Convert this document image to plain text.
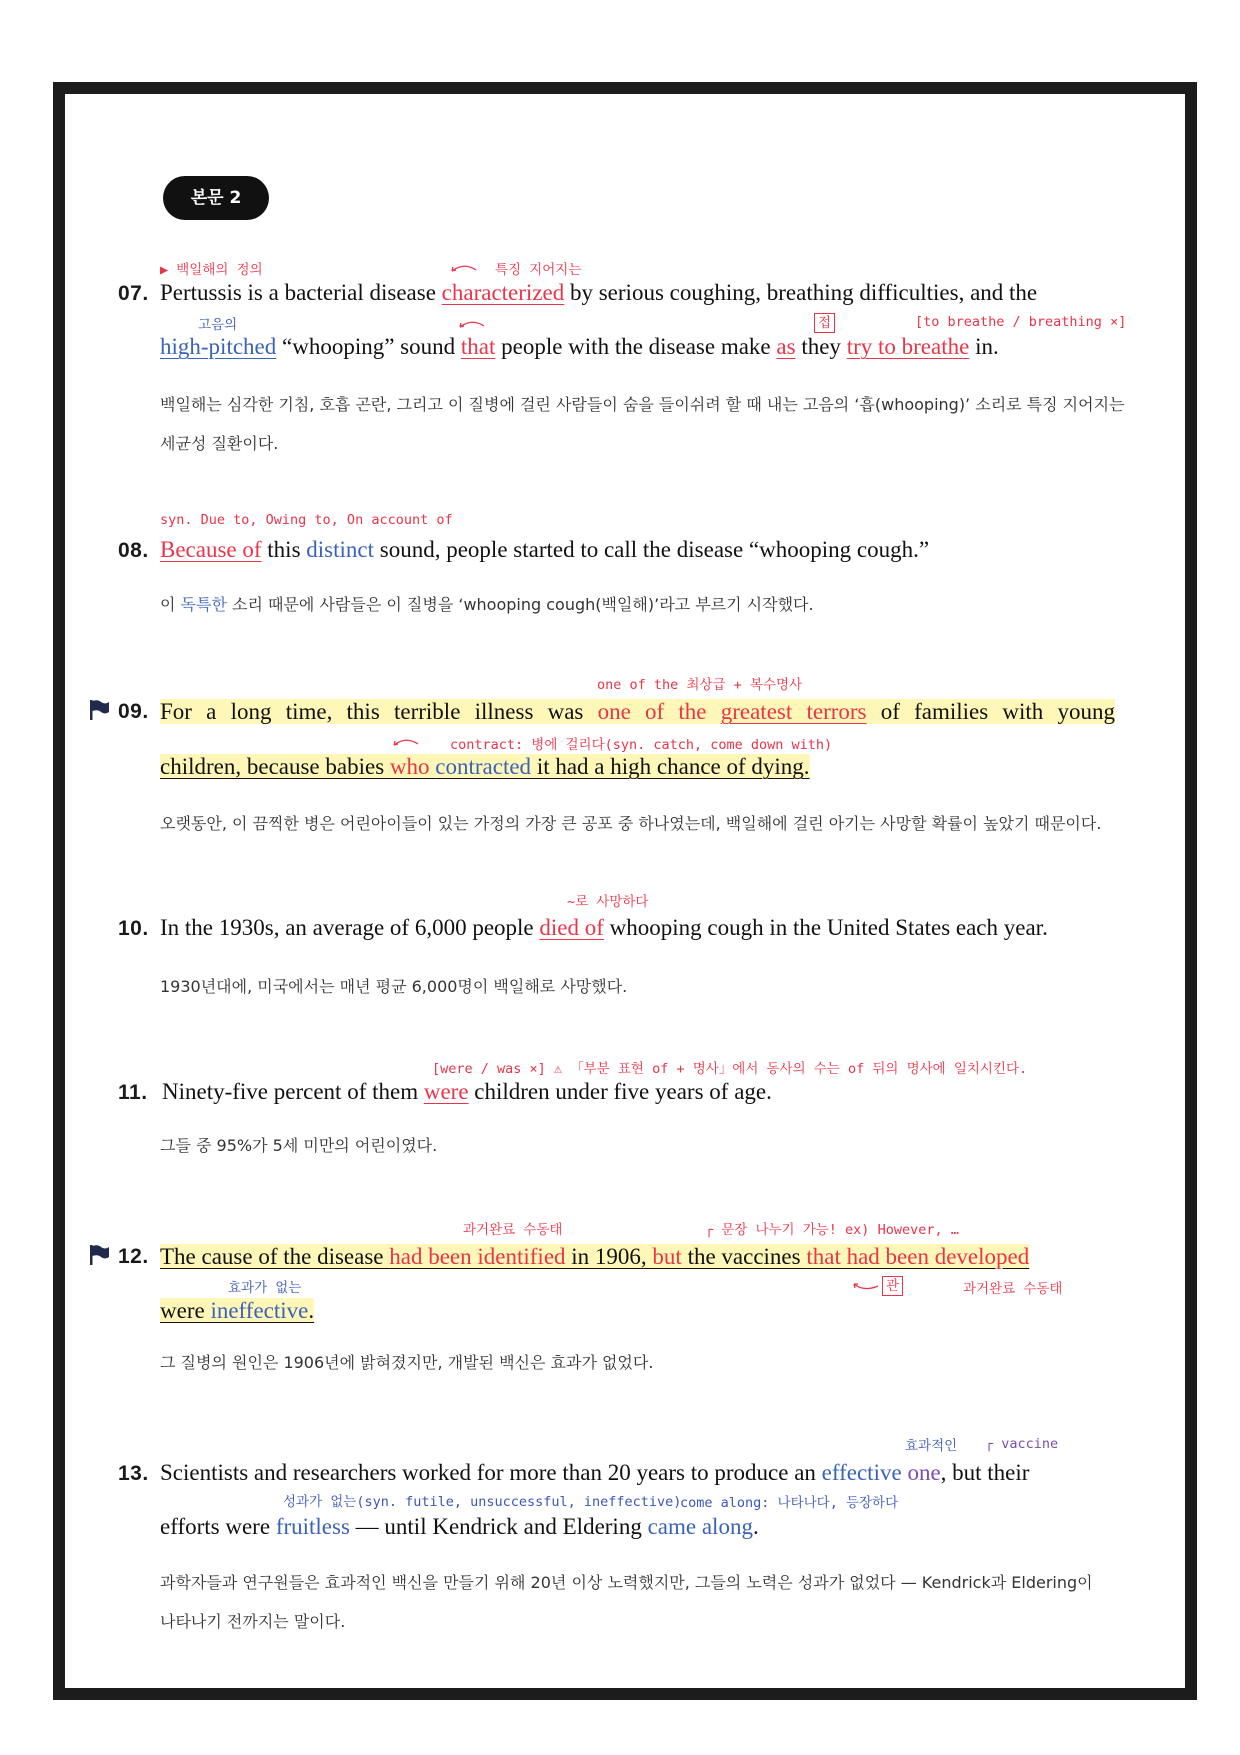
본문 2
▶ 백일해의 정의	특징 지어지는
07. Pertussis is a bacterial disease characterized by serious coughing, breathing difficulties, and the
고음의	접	[to breathe / breathing ×]
high-pitched “whooping” sound that people with the disease make as they try to breathe in.
백일해는 심각한 기침, 호흡 곤란, 그리고 이 질병에 걸린 사람들이 숨을 들이쉬려 할 때 내는 고음의 ‘흡(whooping)’ 소리로 특징 지어지는
세균성 질환이다.
syn. Due to, Owing to, On account of
08. Because of this distinct sound, people started to call the disease “whooping cough.”
이 독특한 소리 때문에 사람들은 이 질병을 ‘whooping cough(백일해)’라고 부르기 시작했다.
one of the 최상급 + 복수명사
09. For a long time, this terrible illness was one of the greatest terrors of families with young
contract: 병에 걸리다(syn. catch, come down with)
children, because babies who contracted it had a high chance of dying.
오랫동안, 이 끔찍한 병은 어린아이들이 있는 가정의 가장 큰 공포 중 하나였는데, 백일해에 걸린 아기는 사망할 확률이 높았기 때문이다.
~로 사망하다
10. In the 1930s, an average of 6,000 people died of whooping cough in the United States each year.
1930년대에, 미국에서는 매년 평균 6,000명이 백일해로 사망했다.
[were / was ×] ⚠ 「부분 표현 of + 명사」에서 동사의 수는 of 뒤의 명사에 일치시킨다.
11. Ninety-five percent of them were children under five years of age.
그들 중 95%가 5세 미만의 어린이였다.
과거완료 수동태	┌ 문장 나누기 가능! ex) However, …
12. The cause of the disease had been identified in 1906, but the vaccines that had been developed
효과가 없는	관	과거완료 수동태
were ineffective.
그 질병의 원인은 1906년에 밝혀졌지만, 개발된 백신은 효과가 없었다.
효과적인 ┌ vaccine
13. Scientists and researchers worked for more than 20 years to produce an effective one, but their
성과가 없는(syn. futile, unsuccessful, ineffective)
come along: 나타나다, 등장하다
efforts were fruitless — until Kendrick and Eldering came along.
과학자들과 연구원들은 효과적인 백신을 만들기 위해 20년 이상 노력했지만, 그들의 노력은 성과가 없었다 — Kendrick과 Eldering이
나타나기 전까지는 말이다.
